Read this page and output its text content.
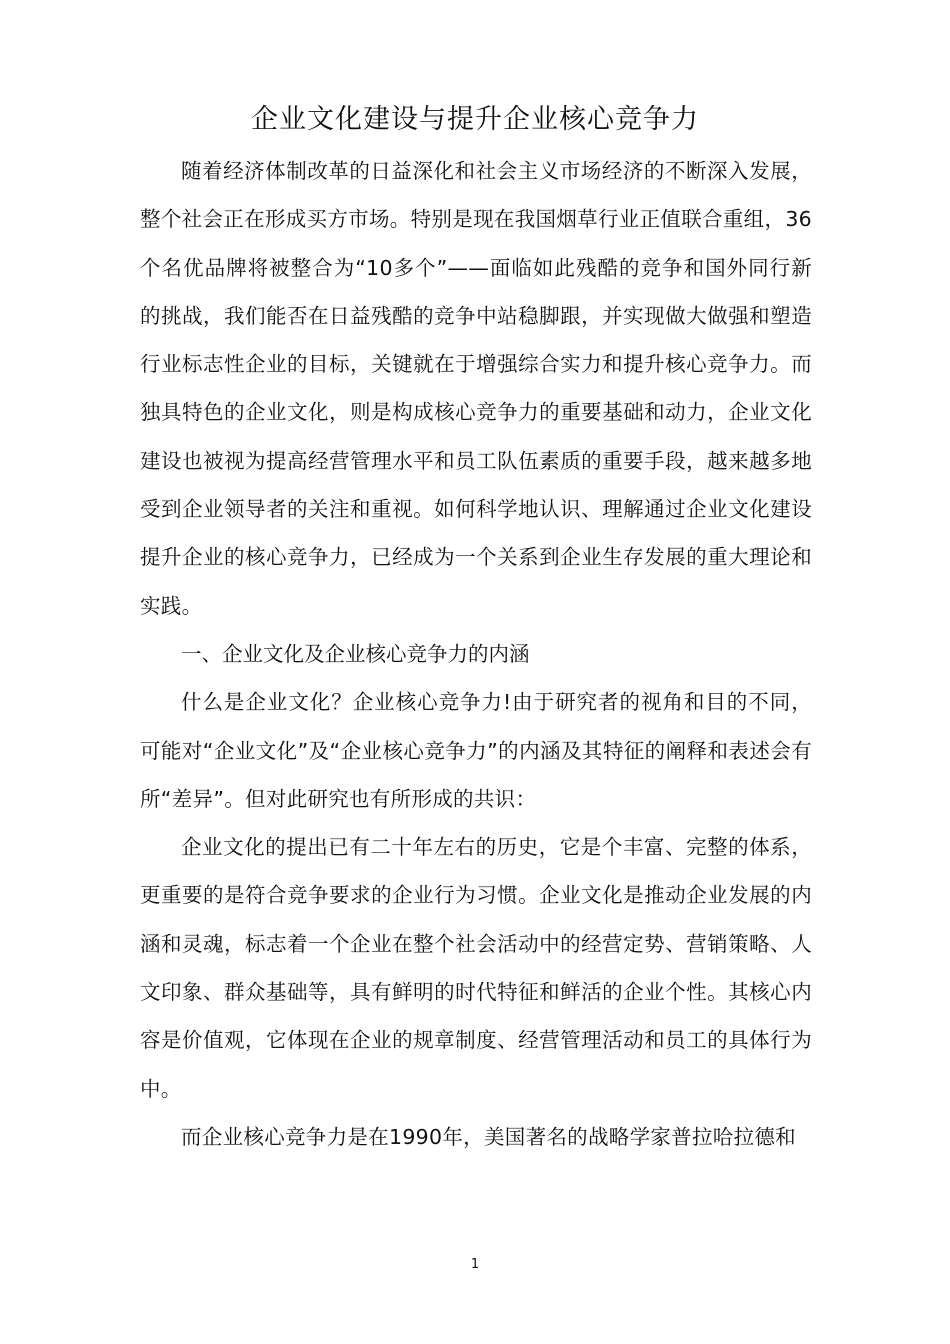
企业文化建设与提升企业核心竞争力

随着经济体制改革的日益深化和社会主义市场经济的不断深入发展，整个社会正在形成买方市场。特别是现在我国烟草行业正值联合重组，36个名优品牌将被整合为“10多个”——面临如此残酷的竞争和国外同行新的挑战，我们能否在日益残酷的竞争中站稳脚跟，并实现做大做强和塑造行业标志性企业的目标，关键就在于增强综合实力和提升核心竞争力。而独具特色的企业文化，则是构成核心竞争力的重要基础和动力，企业文化建设也被视为提高经营管理水平和员工队伍素质的重要手段，越来越多地受到企业领导者的关注和重视。如何科学地认识、理解通过企业文化建设提升企业的核心竞争力，已经成为一个关系到企业生存发展的重大理论和实践。

一、企业文化及企业核心竞争力的内涵

什么是企业文化？企业核心竞争力!由于研究者的视角和目的不同，可能对“企业文化”及“企业核心竞争力”的内涵及其特征的阐释和表述会有所“差异”。但对此研究也有所形成的共识：

企业文化的提出已有二十年左右的历史，它是个丰富、完整的体系，更重要的是符合竞争要求的企业行为习惯。企业文化是推动企业发展的内涵和灵魂，标志着一个企业在整个社会活动中的经营定势、营销策略、人文印象、群众基础等，具有鲜明的时代特征和鲜活的企业个性。其核心内容是价值观，它体现在企业的规章制度、经营管理活动和员工的具体行为中。

而企业核心竞争力是在1990年，美国著名的战略学家普拉哈拉德和

1
